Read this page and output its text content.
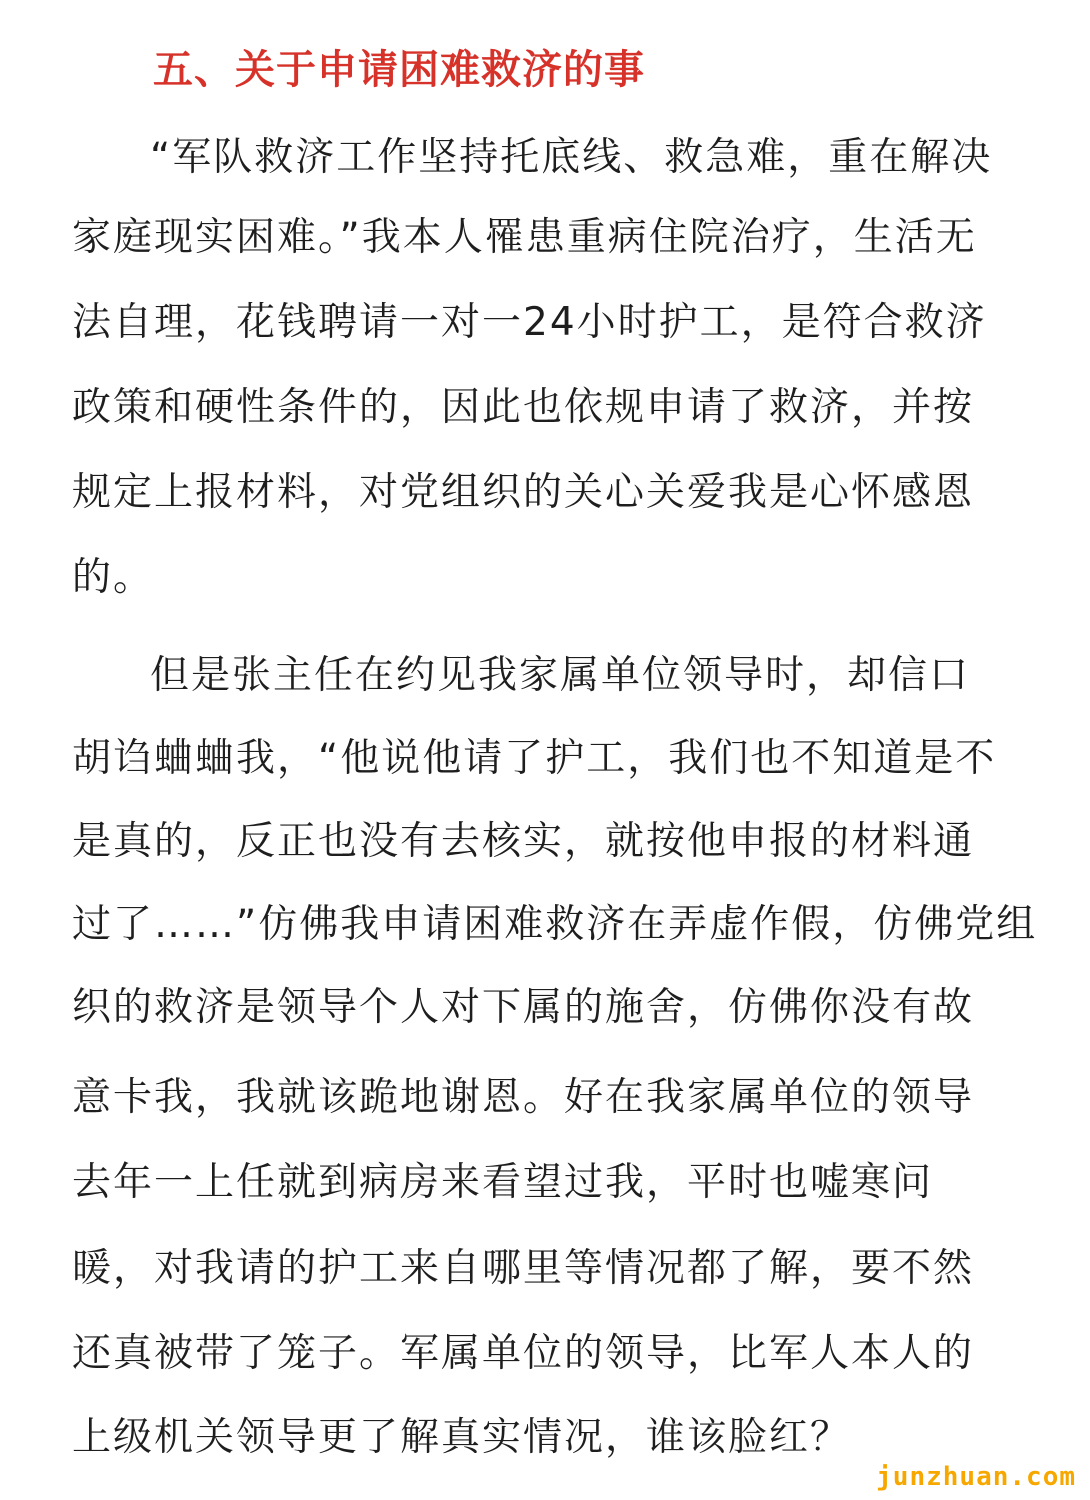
五、关于申请困难救济的事
“军队救济工作坚持托底线、救急难，重在解决
家庭现实困难。”我本人罹患重病住院治疗，生活无
法自理，花钱聘请一对一24小时护工，是符合救济
政策和硬性条件的，因此也依规申请了救济，并按
规定上报材料，对党组织的关心关爱我是心怀感恩
的。
但是张主任在约见我家属单位领导时，却信口
胡诌蛐蛐我，“他说他请了护工，我们也不知道是不
是真的，反正也没有去核实，就按他申报的材料通
过了……”仿佛我申请困难救济在弄虚作假，仿佛党组
织的救济是领导个人对下属的施舍，仿佛你没有故
意卡我，我就该跪地谢恩。好在我家属单位的领导
去年一上任就到病房来看望过我，平时也嘘寒问
暖，对我请的护工来自哪里等情况都了解，要不然
还真被带了笼子。军属单位的领导，比军人本人的
上级机关领导更了解真实情况，谁该脸红？
junzhuan.com
